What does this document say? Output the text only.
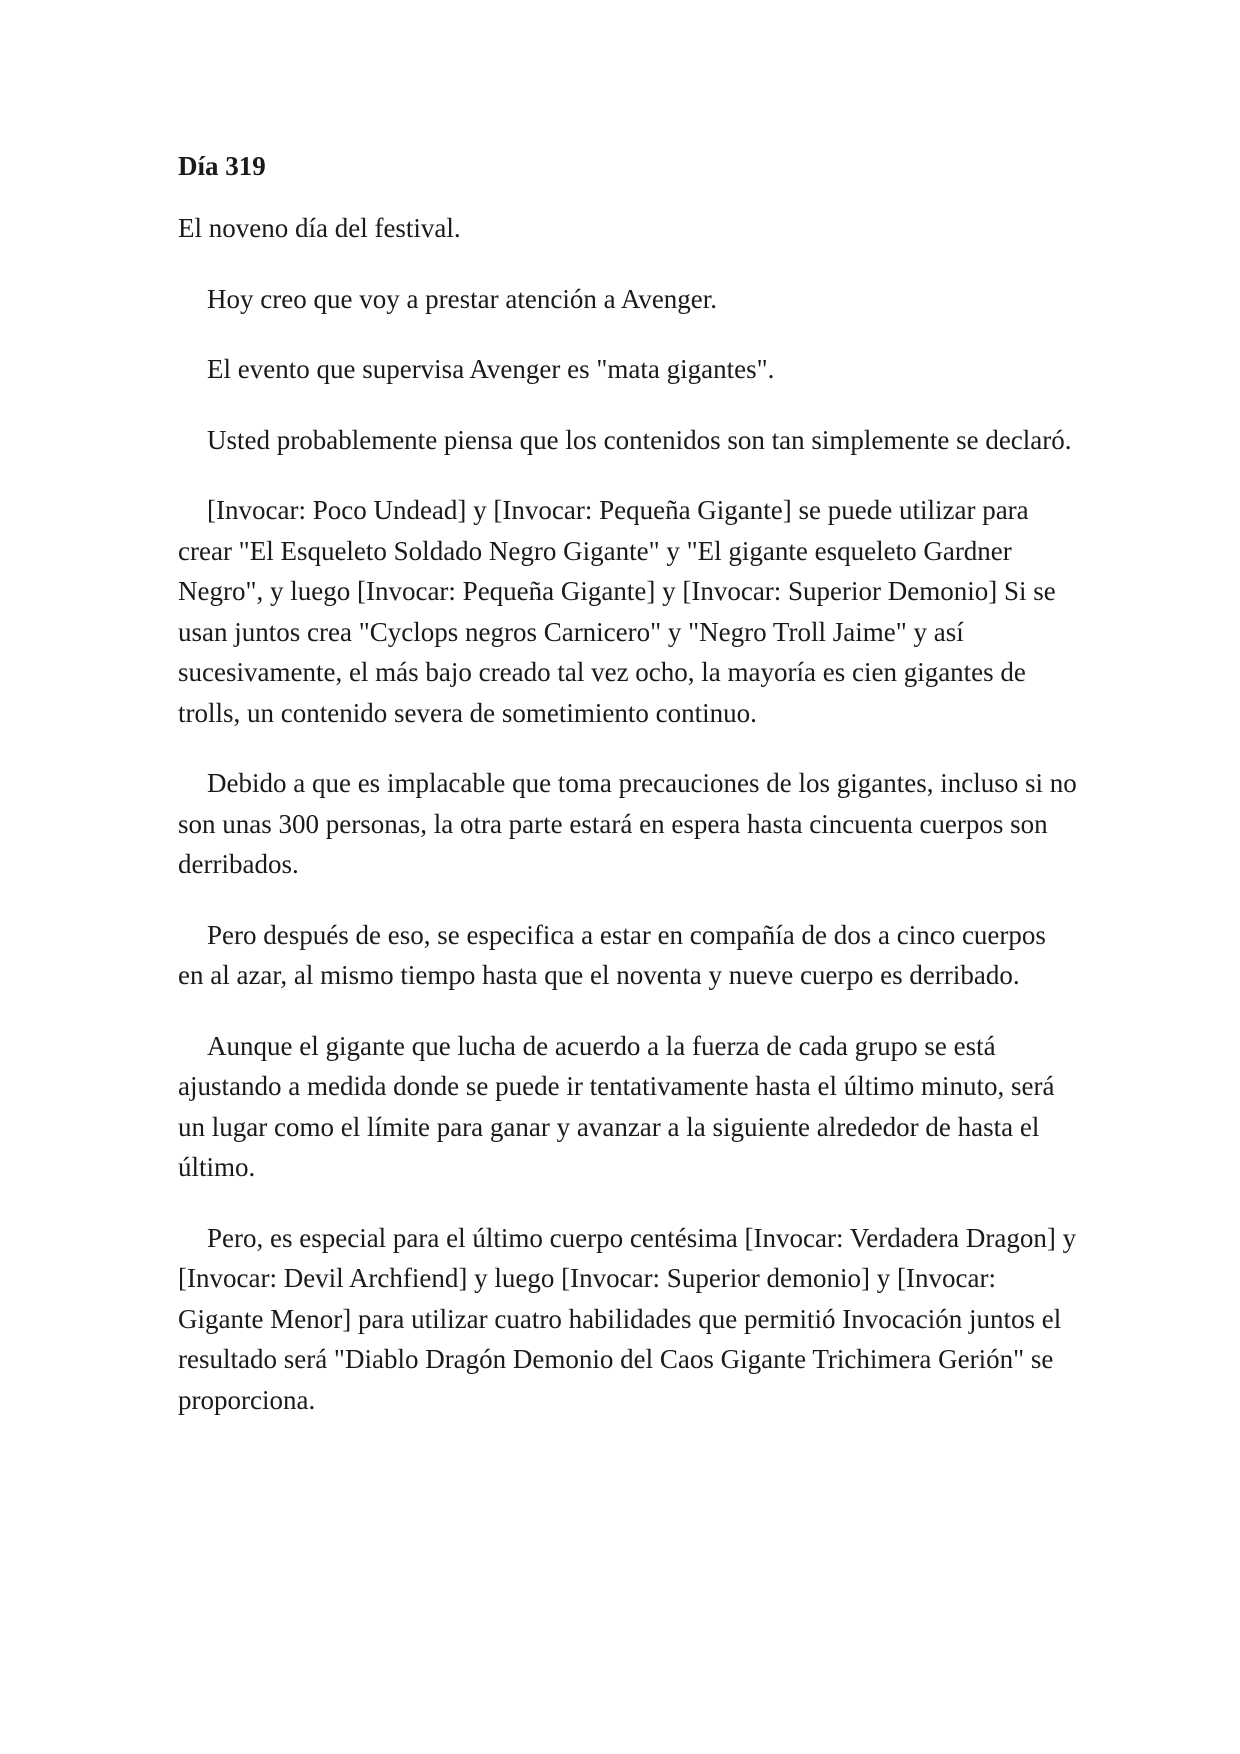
Día 319

El noveno día del festival.

Hoy creo que voy a prestar atención a Avenger.

El evento que supervisa Avenger es "mata gigantes".

Usted probablemente piensa que los contenidos son tan simplemente se declaró.

[Invocar: Poco Undead] y [Invocar: Pequeña Gigante] se puede utilizar para crear "El Esqueleto Soldado Negro Gigante" y "El gigante esqueleto Gardner Negro", y luego [Invocar: Pequeña Gigante] y [Invocar: Superior Demonio] Si se usan juntos crea "Cyclops negros Carnicero" y "Negro Troll Jaime" y así sucesivamente, el más bajo creado tal vez ocho, la mayoría es cien gigantes de trolls, un contenido severa de sometimiento continuo.

Debido a que es implacable que toma precauciones de los gigantes, incluso si no son unas 300 personas, la otra parte estará en espera hasta cincuenta cuerpos son derribados.

Pero después de eso, se especifica a estar en compañía de dos a cinco cuerpos en al azar, al mismo tiempo hasta que el noventa y nueve cuerpo es derribado.

Aunque el gigante que lucha de acuerdo a la fuerza de cada grupo se está ajustando a medida donde se puede ir tentativamente hasta el último minuto, será un lugar como el límite para ganar y avanzar a la siguiente alrededor de hasta el último.

Pero, es especial para el último cuerpo centésima [Invocar: Verdadera Dragon] y [Invocar: Devil Archfiend] y luego [Invocar: Superior demonio] y [Invocar: Gigante Menor] para utilizar cuatro habilidades que permitió Invocación juntos el resultado será "Diablo Dragón Demonio del Caos Gigante Trichimera Gerión" se proporciona.
